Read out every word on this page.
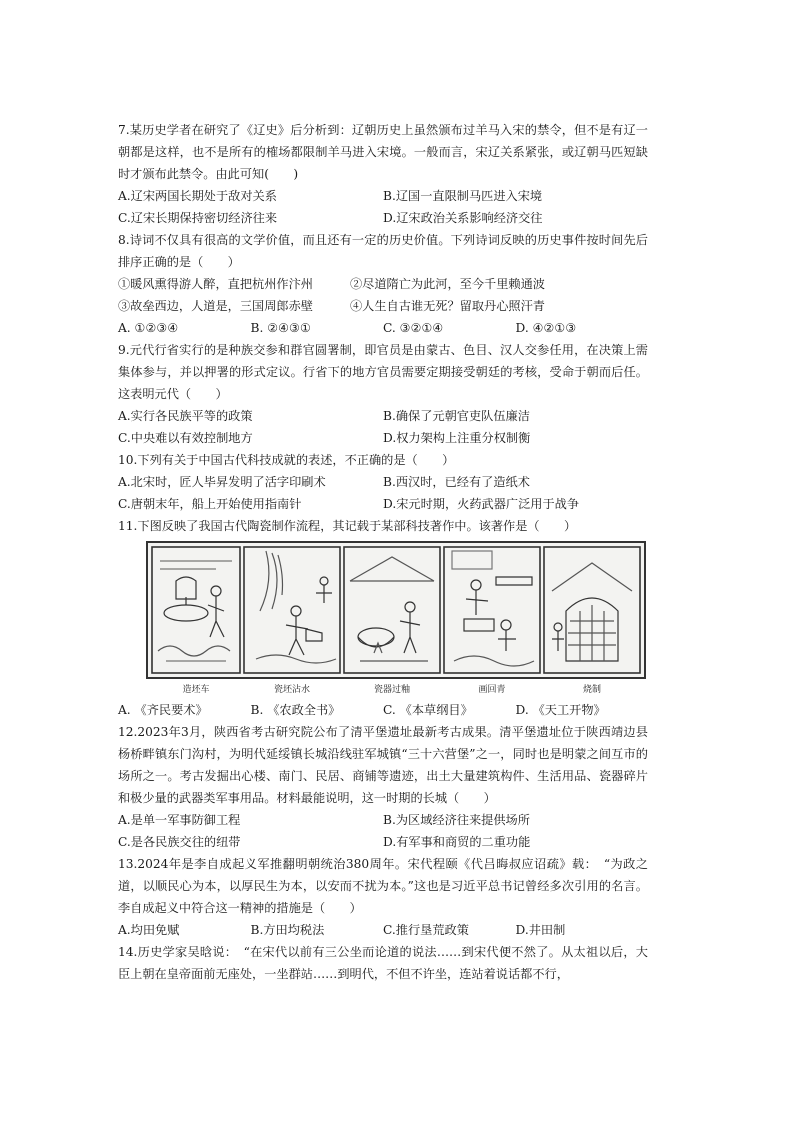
7.某历史学者在研究了《辽史》后分析到：辽朝历史上虽然颁布过羊马入宋的禁令，但不是有辽一朝都是这样，也不是所有的榷场都限制羊马进入宋境。一般而言，宋辽关系紧张，或辽朝马匹短缺时才颁布此禁令。由此可知(　　)

A.辽宋两国长期处于敌对关系	B.辽国一直限制马匹进入宋境
C.辽宋长期保持密切经济往来	D.辽宋政治关系影响经济交往

8.诗词不仅具有很高的文学价值，而且还有一定的历史价值。下列诗词反映的历史事件按时间先后排序正确的是（　　）

①暖风熏得游人醉，直把杭州作汴州	②尽道隋亡为此河，至今千里赖通波
③故垒西边，人道是，三国周郎赤壁	④人生自古谁无死？留取丹心照汗青
A. ①②③④	B. ②④③①	C. ③②①④	D. ④②①③

9.元代行省实行的是种族交参和群官圆署制，即官员是由蒙古、色目、汉人交参任用，在决策上需集体参与，并以押署的形式定议。行省下的地方官员需要定期接受朝廷的考核，受命于朝而后任。这表明元代（　　）

A.实行各民族平等的政策	B.确保了元朝官吏队伍廉洁
C.中央难以有效控制地方	D.权力架构上注重分权制衡

10.下列有关于中国古代科技成就的表述，不正确的是（　　）

A.北宋时，匠人毕昇发明了活字印刷术	B.西汉时，已经有了造纸术
C.唐朝末年，船上开始使用指南针	D.宋元时期，火药武器广泛用于战争

11.下图反映了我国古代陶瓷制作流程，其记载于某部科技著作中。该著作是（　　）

造坯车	瓷坯沾水	瓷器过釉	画回青	烧制
A. 《齐民要术》	B. 《农政全书》	C. 《本草纲目》	D. 《天工开物》

12.2023年3月，陕西省考古研究院公布了清平堡遗址最新考古成果。清平堡遗址位于陕西靖边县杨桥畔镇东门沟村，为明代延绥镇长城沿线驻军城镇“三十六营堡”之一，同时也是明蒙之间互市的场所之一。考古发掘出心楼、南门、民居、商铺等遗迹，出土大量建筑构件、生活用品、瓷器碎片和极少量的武器类军事用品。材料最能说明，这一时期的长城（　　）

A.是单一军事防御工程	B.为区域经济往来提供场所
C.是各民族交往的纽带	D.有军事和商贸的二重功能

13.2024年是李自成起义军推翻明朝统治380周年。宋代程颐《代吕晦叔应诏疏》载：　“为政之道，以顺民心为本，以厚民生为本，以安而不扰为本。”这也是习近平总书记曾经多次引用的名言。李自成起义中符合这一精神的措施是（　　）

A.均田免赋	B.方田均税法	C.推行垦荒政策	D.井田制

14.历史学家吴晗说：　“在宋代以前有三公坐而论道的说法……到宋代便不然了。从太祖以后，大臣上朝在皇帝面前无座处，一坐群站……到明代，不但不许坐，连站着说话都不行，
